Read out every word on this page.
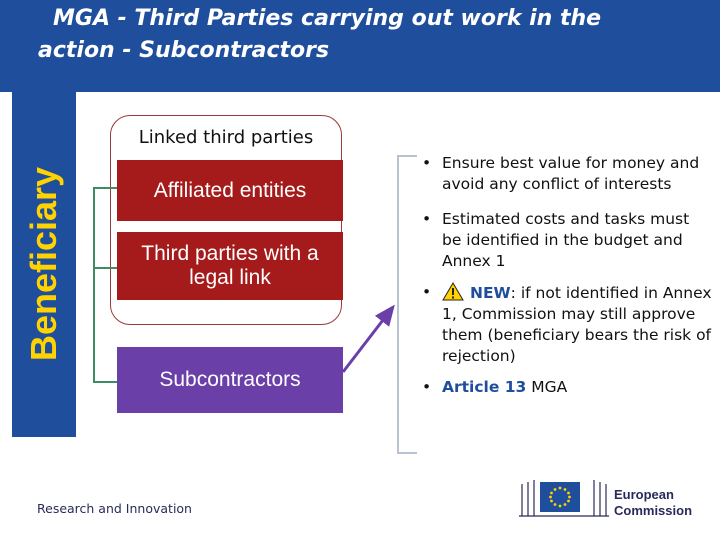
MGA - Third Parties carrying out work in the
action - Subcontractors
Beneficiary
Linked third parties
Affiliated entities
Third parties with a legal link
Subcontractors
• Ensure best value for money and avoid any conflict of interests
• Estimated costs and tasks must be identified in the budget and Annex 1
• NEW: if not identified in Annex 1, Commission may still approve them (beneficiary bears the risk of rejection)
• Article 13 MGA
Research and Innovation
European
Commission
